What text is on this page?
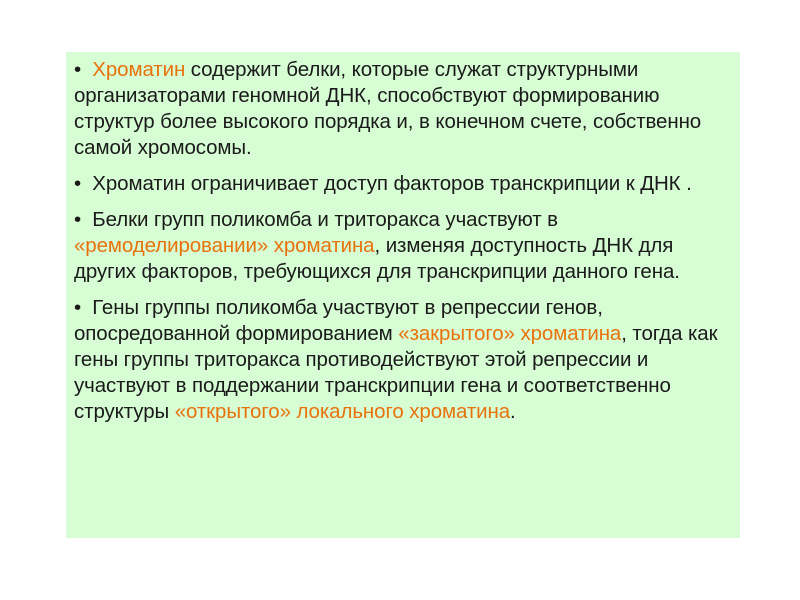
• Хроматин содержит белки, которые служат структурными организаторами геномной ДНК, способствуют формированию структур более высокого порядка и, в конечном счете, собственно самой хромосомы.

• Хроматин ограничивает доступ факторов транскрипции к ДНК .

• Белки групп поликомба и триторакса участвуют в «ремоделировании» хроматина, изменяя доступность ДНК для других факторов, требующихся для транскрипции данного гена.

• Гены группы поликомба участвуют в репрессии генов, опосредованной формированием «закрытого» хроматина, тогда как гены группы триторакса противодействуют этой репрессии и участвуют в поддержании транскрипции гена и соответственно структуры «открытого» локального хроматина.
